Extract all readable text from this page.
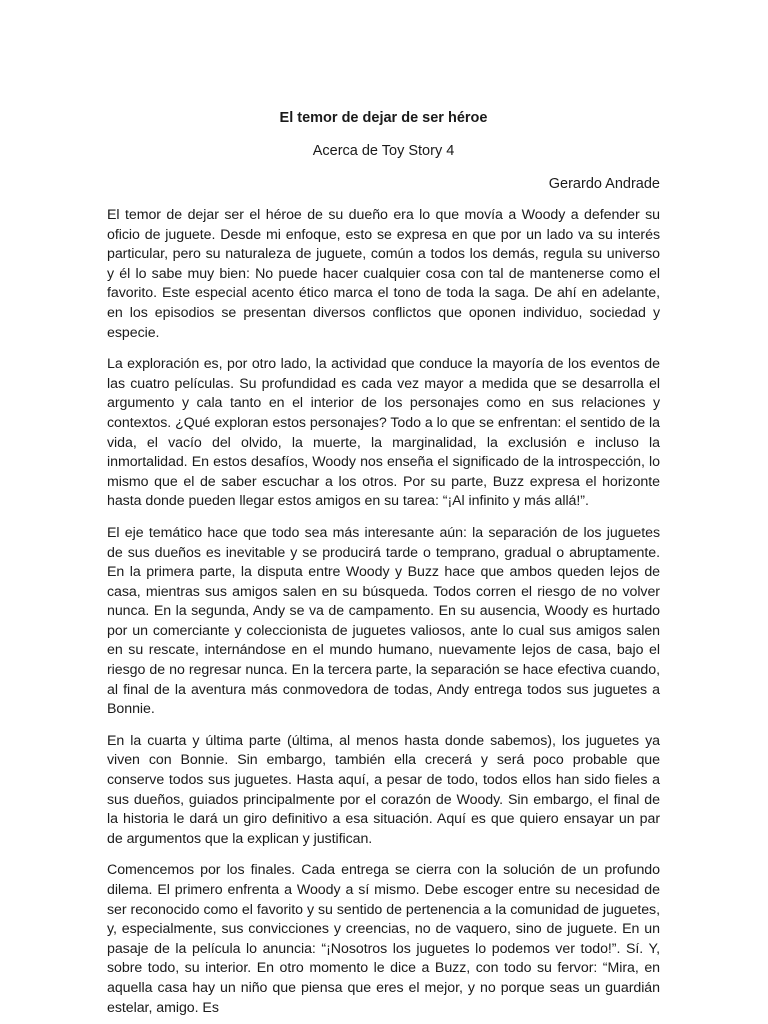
El temor de dejar de ser héroe

Acerca de Toy Story 4

Gerardo Andrade

El temor de dejar ser el héroe de su dueño era lo que movía a Woody a defender su oficio de juguete. Desde mi enfoque, esto se expresa en que por un lado va su interés particular, pero su naturaleza de juguete, común a todos los demás, regula su universo y él lo sabe muy bien: No puede hacer cualquier cosa con tal de mantenerse como el favorito. Este especial acento ético marca el tono de toda la saga. De ahí en adelante, en los episodios se presentan diversos conflictos que oponen individuo, sociedad y especie.

La exploración es, por otro lado, la actividad que conduce la mayoría de los eventos de las cuatro películas. Su profundidad es cada vez mayor a medida que se desarrolla el argumento y cala tanto en el interior de los personajes como en sus relaciones y contextos. ¿Qué exploran estos personajes? Todo a lo que se enfrentan: el sentido de la vida, el vacío del olvido, la muerte, la marginalidad, la exclusión e incluso la inmortalidad. En estos desafíos, Woody nos enseña el significado de la introspección, lo mismo que el de saber escuchar a los otros. Por su parte, Buzz expresa el horizonte hasta donde pueden llegar estos amigos en su tarea: “¡Al infinito y más allá!”.

El eje temático hace que todo sea más interesante aún: la separación de los juguetes de sus dueños es inevitable y se producirá tarde o temprano, gradual o abruptamente. En la primera parte, la disputa entre Woody y Buzz hace que ambos queden lejos de casa, mientras sus amigos salen en su búsqueda. Todos corren el riesgo de no volver nunca. En la segunda, Andy se va de campamento. En su ausencia, Woody es hurtado por un comerciante y coleccionista de juguetes valiosos, ante lo cual sus amigos salen en su rescate, internándose en el mundo humano, nuevamente lejos de casa, bajo el riesgo de no regresar nunca. En la tercera parte, la separación se hace efectiva cuando, al final de la aventura más conmovedora de todas, Andy entrega todos sus juguetes a Bonnie.

En la cuarta y última parte (última, al menos hasta donde sabemos), los juguetes ya viven con Bonnie. Sin embargo, también ella crecerá y será poco probable que conserve todos sus juguetes. Hasta aquí, a pesar de todo, todos ellos han sido fieles a sus dueños, guiados principalmente por el corazón de Woody. Sin embargo, el final de la historia le dará un giro definitivo a esa situación. Aquí es que quiero ensayar un par de argumentos que la explican y justifican.

Comencemos por los finales. Cada entrega se cierra con la solución de un profundo dilema. El primero enfrenta a Woody a sí mismo. Debe escoger entre su necesidad de ser reconocido como el favorito y su sentido de pertenencia a la comunidad de juguetes, y, especialmente, sus convicciones y creencias, no de vaquero, sino de juguete. En un pasaje de la película lo anuncia: “¡Nosotros los juguetes lo podemos ver todo!”. Sí. Y, sobre todo, su interior. En otro momento le dice a Buzz, con todo su fervor: “Mira, en aquella casa hay un niño que piensa que eres el mejor, y no porque seas un guardián estelar, amigo. Es
